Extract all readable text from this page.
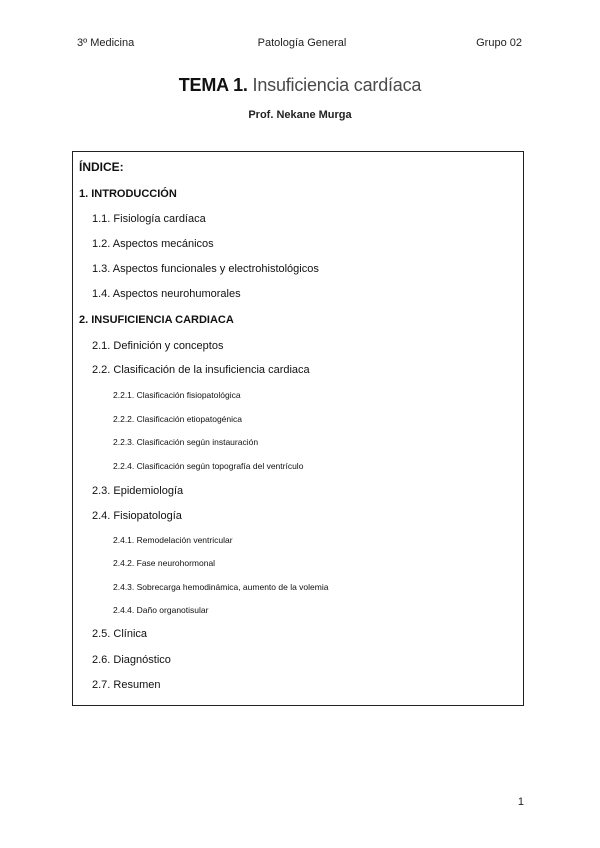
3º Medicina	Patología General	Grupo 02
TEMA 1. Insuficiencia cardíaca
Prof. Nekane Murga
ÍNDICE:
1. INTRODUCCIÓN
1.1. Fisiología cardíaca
1.2. Aspectos mecánicos
1.3. Aspectos funcionales y electrohistológicos
1.4. Aspectos neurohumorales
2. INSUFICIENCIA CARDIACA
2.1. Definición y conceptos
2.2. Clasificación de la insuficiencia cardiaca
2.2.1. Clasificación fisiopatológica
2.2.2. Clasificación etiopatogénica
2.2.3. Clasificación según instauración
2.2.4. Clasificación según topografía del ventrículo
2.3. Epidemiología
2.4. Fisiopatología
2.4.1. Remodelación ventricular
2.4.2. Fase neurohormonal
2.4.3. Sobrecarga hemodinámica, aumento de la volemia
2.4.4. Daño organotisular
2.5. Clínica
2.6. Diagnóstico
2.7. Resumen
1
